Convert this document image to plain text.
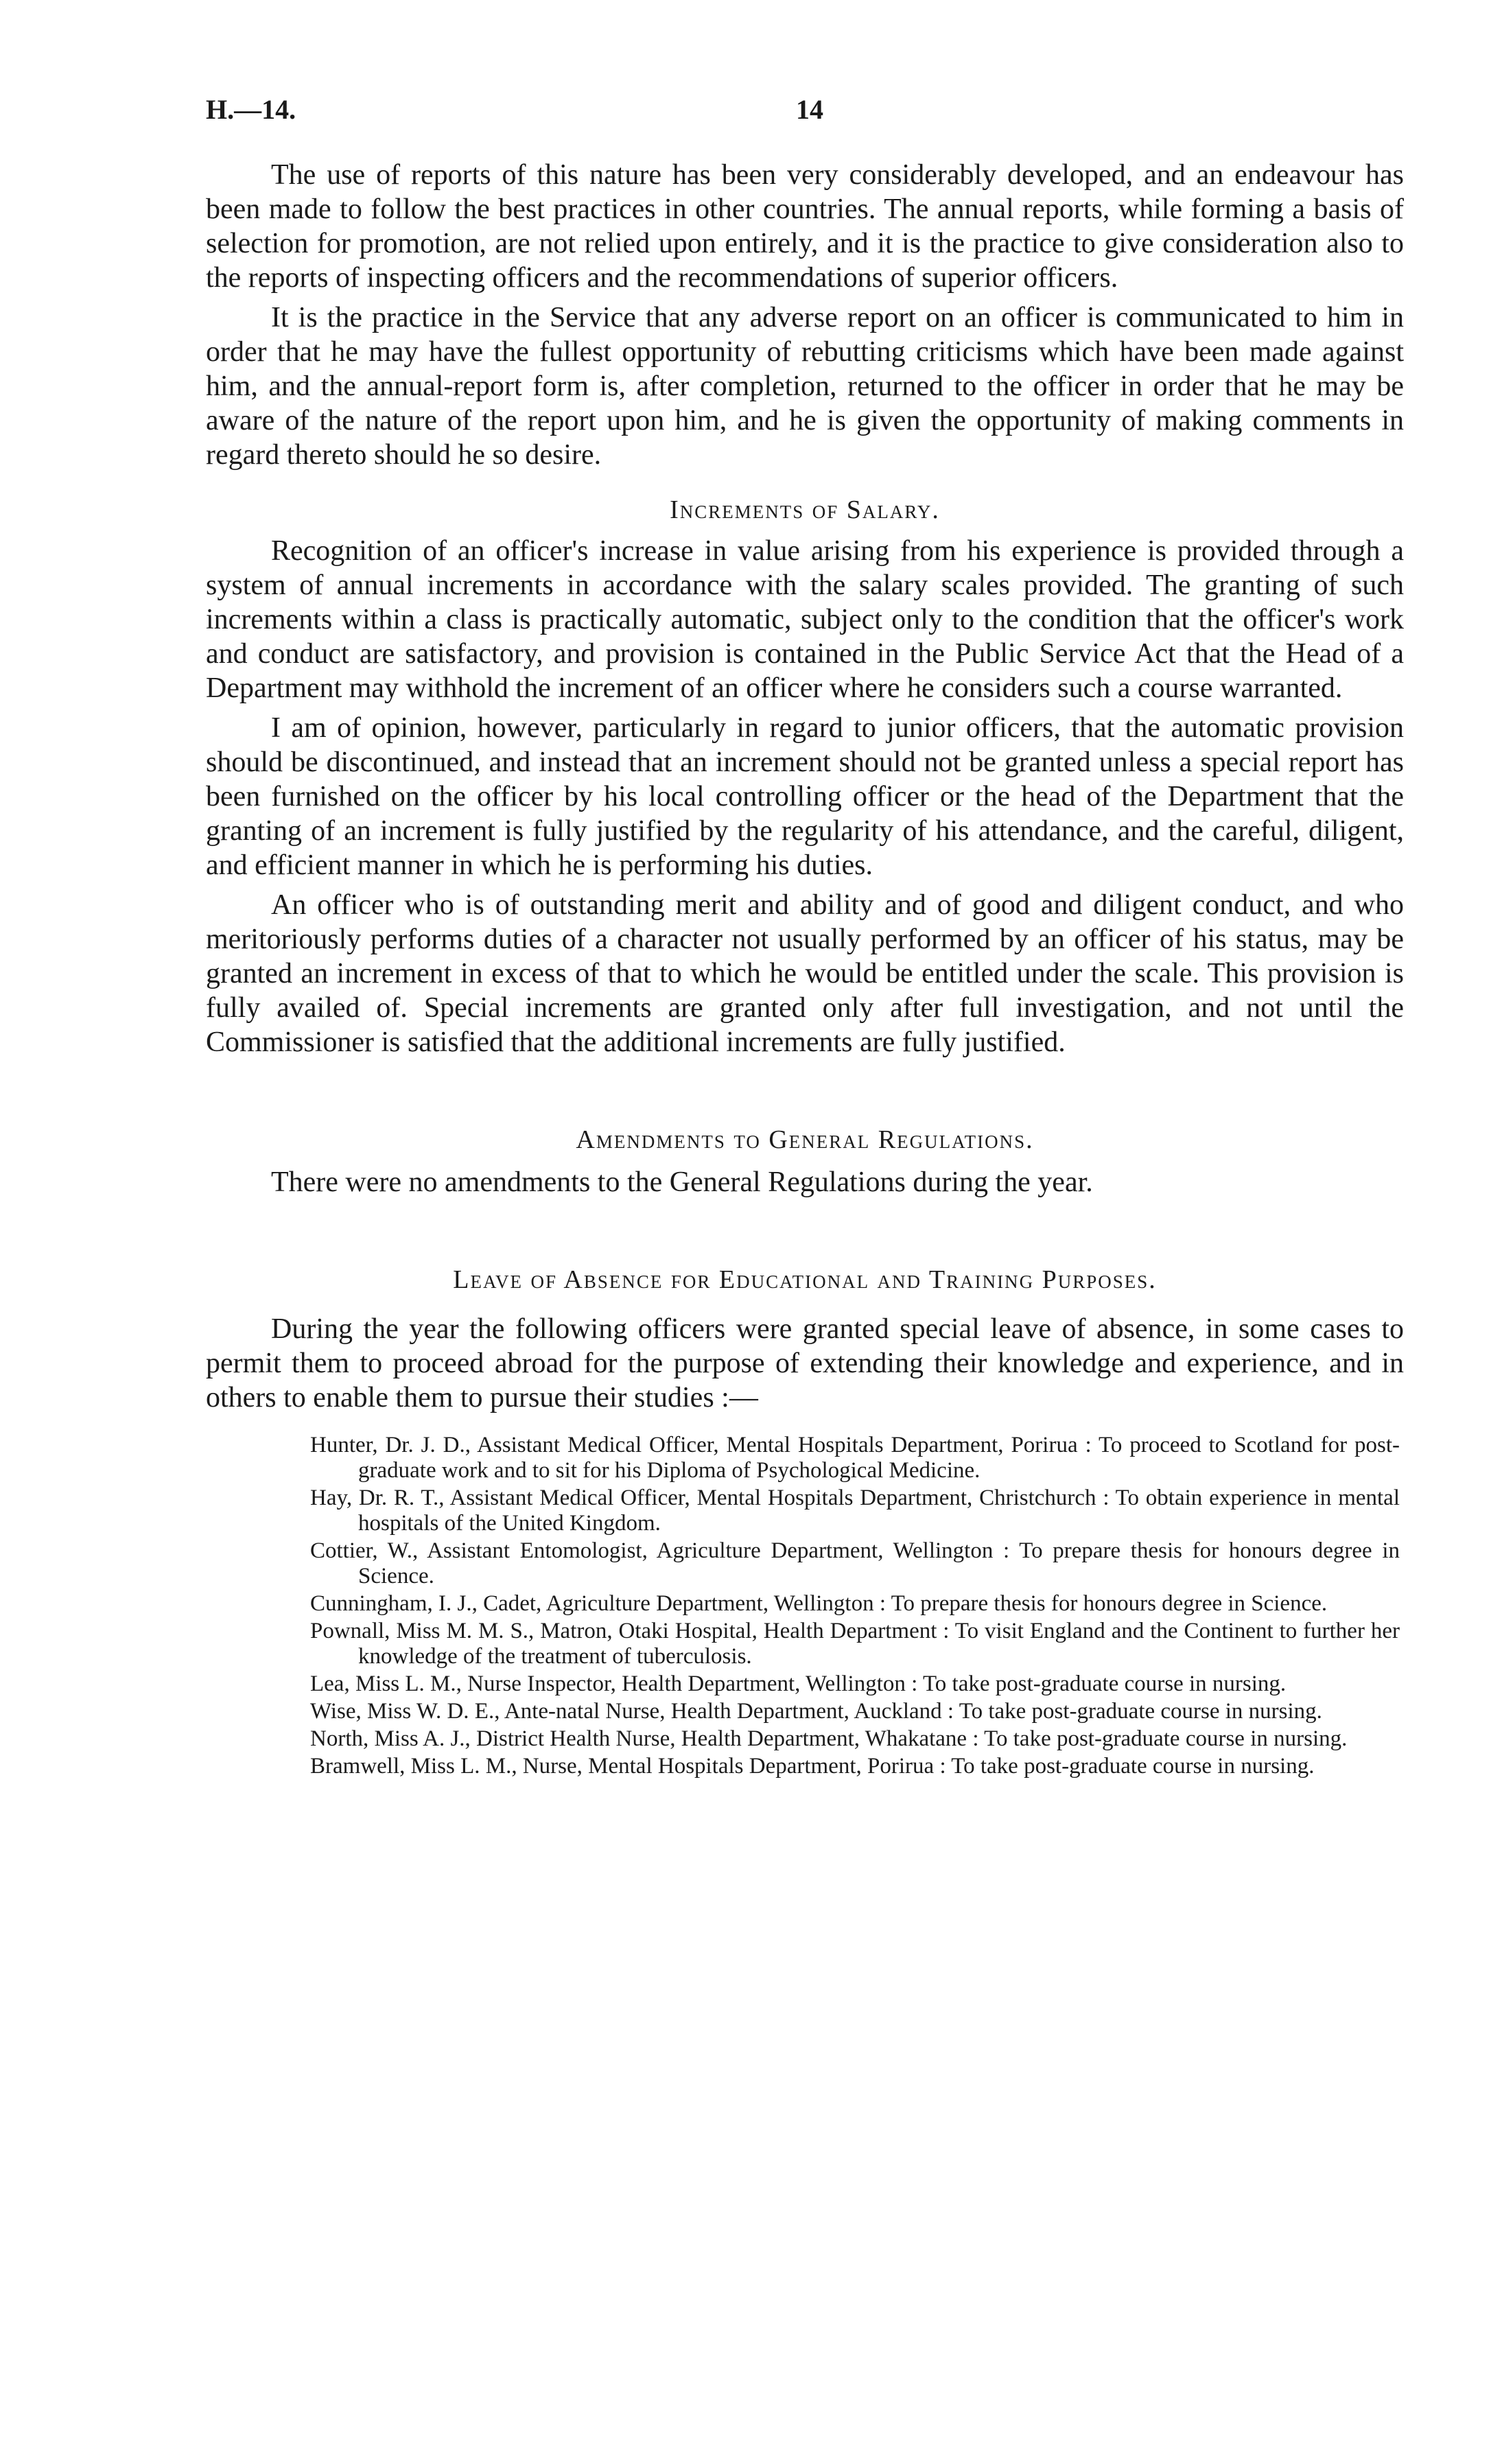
H.—14.	14

The use of reports of this nature has been very considerably developed, and an endeavour has been made to follow the best practices in other countries. The annual reports, while forming a basis of selection for promotion, are not relied upon entirely, and it is the practice to give consideration also to the reports of inspecting officers and the recommendations of superior officers.

It is the practice in the Service that any adverse report on an officer is communicated to him in order that he may have the fullest opportunity of rebutting criticisms which have been made against him, and the annual-report form is, after completion, returned to the officer in order that he may be aware of the nature of the report upon him, and he is given the opportunity of making comments in regard thereto should he so desire.

Increments of Salary.

Recognition of an officer's increase in value arising from his experience is provided through a system of annual increments in accordance with the salary scales provided. The granting of such increments within a class is practically automatic, subject only to the condition that the officer's work and conduct are satisfactory, and provision is contained in the Public Service Act that the Head of a Department may withhold the increment of an officer where he considers such a course warranted.

I am of opinion, however, particularly in regard to junior officers, that the automatic provision should be discontinued, and instead that an increment should not be granted unless a special report has been furnished on the officer by his local controlling officer or the head of the Department that the granting of an increment is fully justified by the regularity of his attendance, and the careful, diligent, and efficient manner in which he is performing his duties.

An officer who is of outstanding merit and ability and of good and diligent conduct, and who meritoriously performs duties of a character not usually performed by an officer of his status, may be granted an increment in excess of that to which he would be entitled under the scale. This provision is fully availed of. Special increments are granted only after full investigation, and not until the Commissioner is satisfied that the additional increments are fully justified.

Amendments to General Regulations.

There were no amendments to the General Regulations during the year.

Leave of Absence for Educational and Training Purposes.

During the year the following officers were granted special leave of absence, in some cases to permit them to proceed abroad for the purpose of extending their knowledge and experience, and in others to enable them to pursue their studies :—

Hunter, Dr. J. D., Assistant Medical Officer, Mental Hospitals Department, Porirua : To proceed to Scotland for post-graduate work and to sit for his Diploma of Psychological Medicine.
Hay, Dr. R. T., Assistant Medical Officer, Mental Hospitals Department, Christchurch : To obtain experience in mental hospitals of the United Kingdom.
Cottier, W., Assistant Entomologist, Agriculture Department, Wellington : To prepare thesis for honours degree in Science.
Cunningham, I. J., Cadet, Agriculture Department, Wellington : To prepare thesis for honours degree in Science.
Pownall, Miss M. M. S., Matron, Otaki Hospital, Health Department : To visit England and the Continent to further her knowledge of the treatment of tuberculosis.
Lea, Miss L. M., Nurse Inspector, Health Department, Wellington : To take post-graduate course in nursing.
Wise, Miss W. D. E., Ante-natal Nurse, Health Department, Auckland : To take post-graduate course in nursing.
North, Miss A. J., District Health Nurse, Health Department, Whakatane : To take post-graduate course in nursing.
Bramwell, Miss L. M., Nurse, Mental Hospitals Department, Porirua : To take post-graduate course in nursing.
